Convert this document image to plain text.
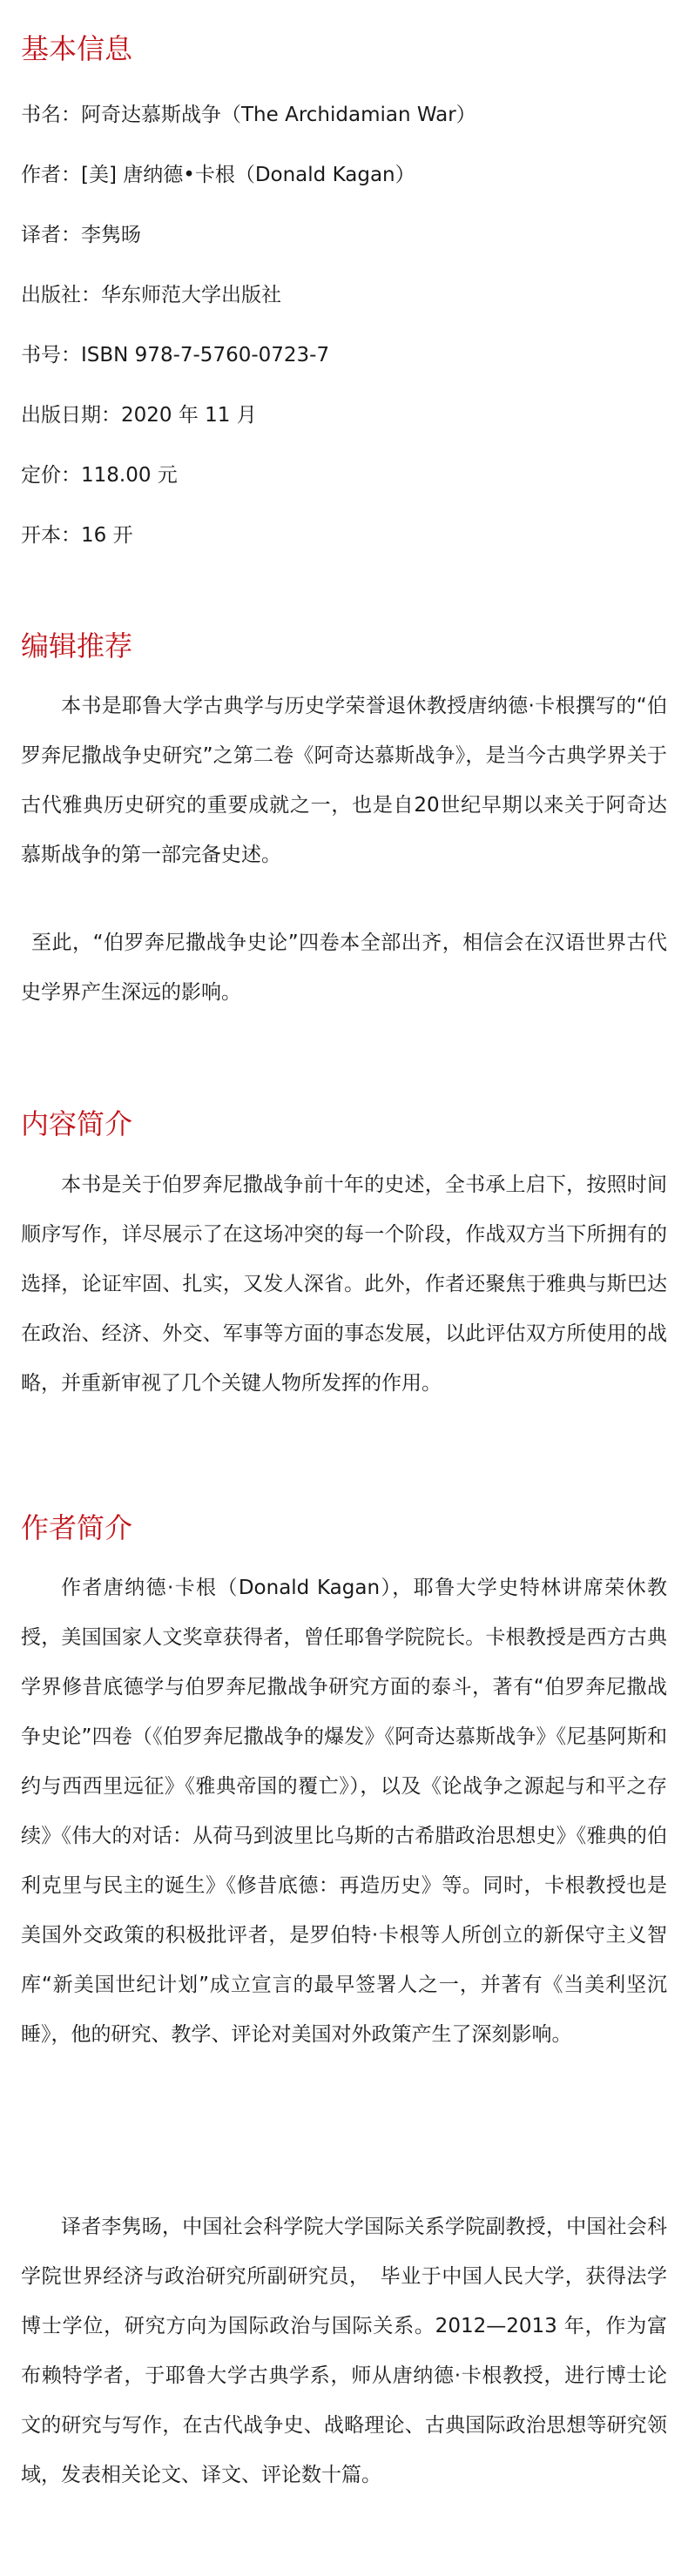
基本信息

书名：阿奇达慕斯战争（The Archidamian War）

作者：[美] 唐纳德•卡根（Donald Kagan）

译者：李隽旸

出版社：华东师范大学出版社

书号：ISBN 978-7-5760-0723-7

出版日期：2020 年 11 月

定价：118.00 元

开本：16 开

编辑推荐

本书是耶鲁大学古典学与历史学荣誉退休教授唐纳德·卡根撰写的“伯罗奔尼撒战争史研究”之第二卷《阿奇达慕斯战争》，是当今古典学界关于古代雅典历史研究的重要成就之一，也是自20世纪早期以来关于阿奇达慕斯战争的第一部完备史述。

至此，“伯罗奔尼撒战争史论”四卷本全部出齐，相信会在汉语世界古代史学界产生深远的影响。

内容简介

本书是关于伯罗奔尼撒战争前十年的史述，全书承上启下，按照时间顺序写作，详尽展示了在这场冲突的每一个阶段，作战双方当下所拥有的选择，论证牢固、扎实，又发人深省。此外，作者还聚焦于雅典与斯巴达在政治、经济、外交、军事等方面的事态发展，以此评估双方所使用的战略，并重新审视了几个关键人物所发挥的作用。

作者简介

作者唐纳德·卡根（Donald Kagan），耶鲁大学史特林讲席荣休教授，美国国家人文奖章获得者，曾任耶鲁学院院长。卡根教授是西方古典学界修昔底德学与伯罗奔尼撒战争研究方面的泰斗，著有“伯罗奔尼撒战争史论”四卷（《伯罗奔尼撒战争的爆发》《阿奇达慕斯战争》《尼基阿斯和约与西西里远征》《雅典帝国的覆亡》），以及《论战争之源起与和平之存续》《伟大的对话：从荷马到波里比乌斯的古希腊政治思想史》《雅典的伯利克里与民主的诞生》《修昔底德：再造历史》等。同时，卡根教授也是美国外交政策的积极批评者，是罗伯特·卡根等人所创立的新保守主义智库“新美国世纪计划”成立宣言的最早签署人之一，并著有《当美利坚沉睡》，他的研究、教学、评论对美国对外政策产生了深刻影响。

译者李隽旸，中国社会科学院大学国际关系学院副教授，中国社会科学院世界经济与政治研究所副研究员，　毕业于中国人民大学，获得法学博士学位，研究方向为国际政治与国际关系。2012—2013 年，作为富布赖特学者，于耶鲁大学古典学系，师从唐纳德·卡根教授，进行博士论文的研究与写作，在古代战争史、战略理论、古典国际政治思想等研究领域，发表相关论文、译文、评论数十篇。
